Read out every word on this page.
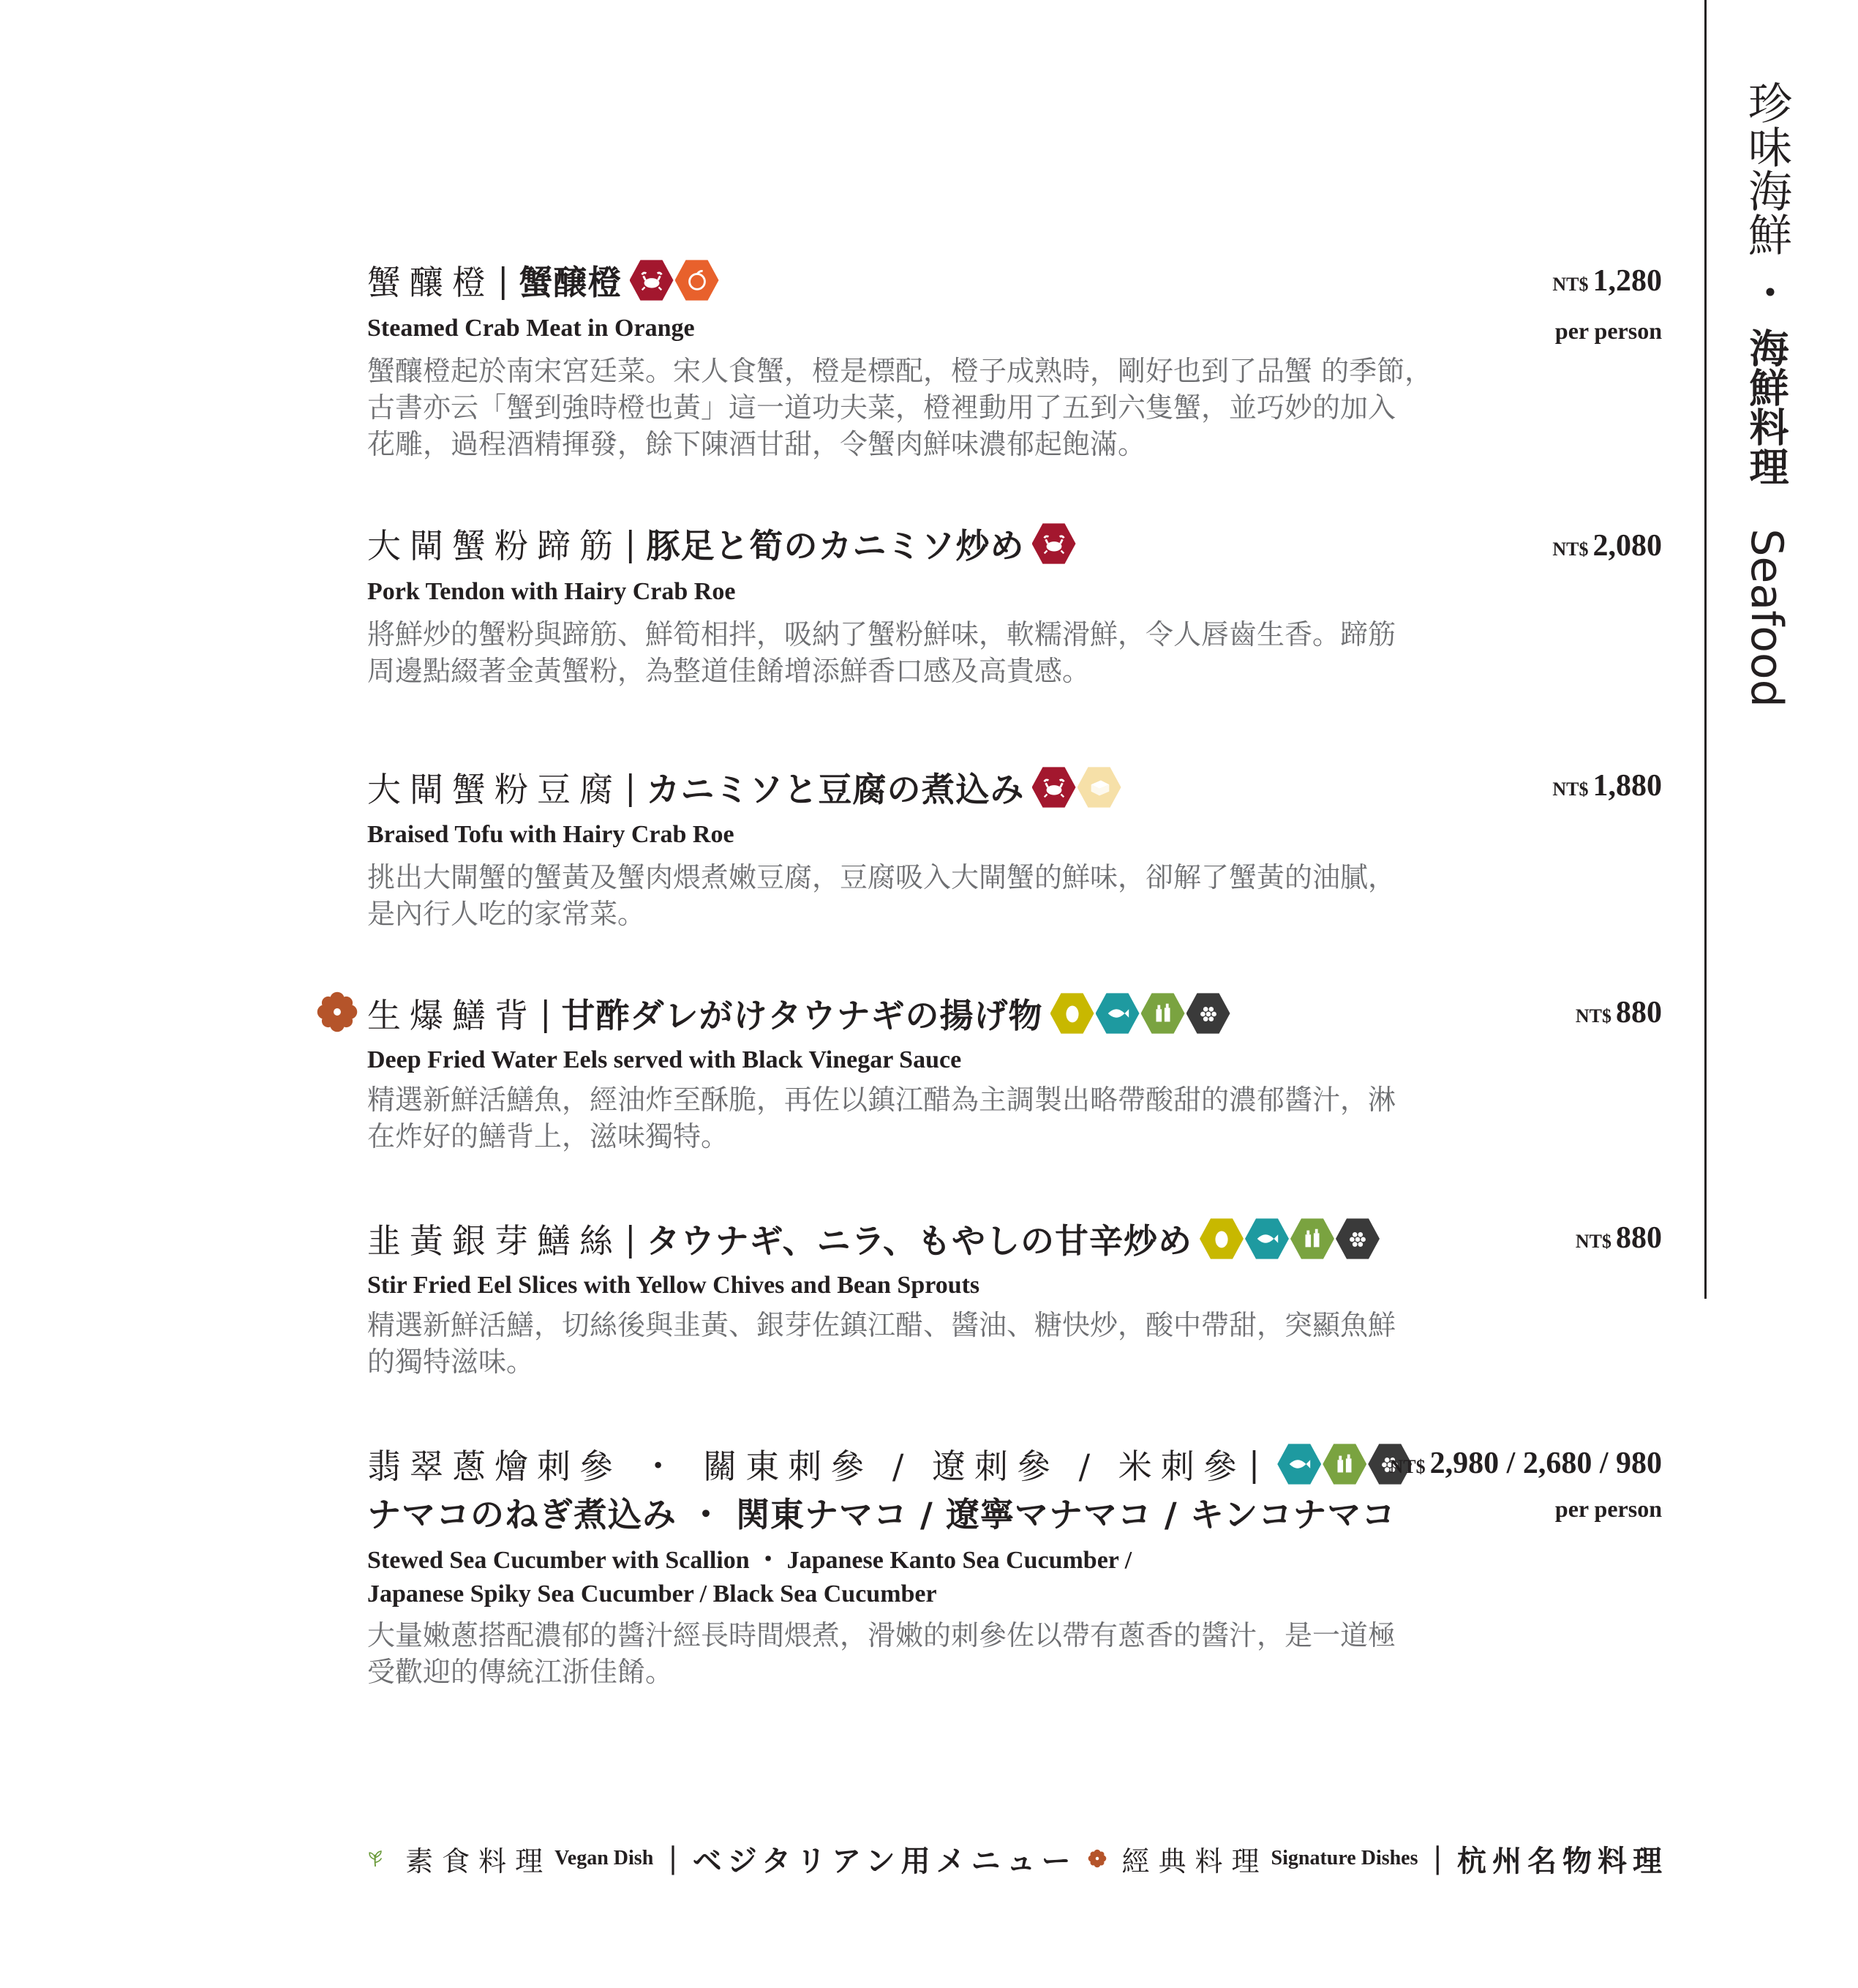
珍味海鮮 ・ 海鮮料理  Seafood
蟹釀橙 | 蟹醸橙
Steamed Crab Meat in Orange
蟹釀橙起於南宋宮廷菜。宋人食蟹，橙是標配，橙子成熟時，剛好也到了品蟹 的季節，
古書亦云「蟹到強時橙也黃」這一道功夫菜，橙裡動用了五到六隻蟹，並巧妙的加入
花雕，過程酒精揮發，餘下陳酒甘甜，令蟹肉鮮味濃郁起飽滿。
NT$ 1,280
per person
大閘蟹粉蹄筋 | 豚足と筍のカニミソ炒め
Pork Tendon with Hairy Crab Roe
將鮮炒的蟹粉與蹄筋、鮮筍相拌，吸納了蟹粉鮮味，軟糯滑鮮，令人唇齒生香。蹄筋
周邊點綴著金黃蟹粉，為整道佳餚增添鮮香口感及高貴感。
NT$ 2,080
大閘蟹粉豆腐 | カニミソと豆腐の煮込み
Braised Tofu with Hairy Crab Roe
挑出大閘蟹的蟹黃及蟹肉煨煮嫩豆腐，豆腐吸入大閘蟹的鮮味，卻解了蟹黃的油膩，
是內行人吃的家常菜。
NT$ 1,880
生爆鱔背 | 甘酢ダレがけタウナギの揚げ物
Deep Fried Water Eels served with Black Vinegar Sauce
精選新鮮活鱔魚，經油炸至酥脆，再佐以鎮江醋為主調製出略帶酸甜的濃郁醬汁，淋
在炸好的鱔背上，滋味獨特。
NT$ 880
韭黃銀芽鱔絲 | タウナギ、ニラ、もやしの甘辛炒め
Stir Fried Eel Slices with Yellow Chives and Bean Sprouts
精選新鮮活鱔，切絲後與韭黃、銀芽佐鎮江醋、醬油、糖快炒，酸中帶甜，突顯魚鮮
的獨特滋味。
NT$ 880
翡翠蔥燴刺參 ・ 關東刺參 / 遼刺參 / 米刺參 |
ナマコのねぎ煮込み ・ 関東ナマコ / 遼寧マナマコ / キンコナマコ
Stewed Sea Cucumber with Scallion ・ Japanese Kanto Sea Cucumber /
Japanese Spiky Sea Cucumber / Black Sea Cucumber
大量嫩蔥搭配濃郁的醬汁經長時間煨煮，滑嫩的刺參佐以帶有蔥香的醬汁，是一道極
受歡迎的傳統江浙佳餚。
NT$ 2,980 / 2,680 / 980
per person
素食料理 Vegan Dish | ベジタリアン用メニュー 經典料理 Signature Dishes | 杭州名物料理
